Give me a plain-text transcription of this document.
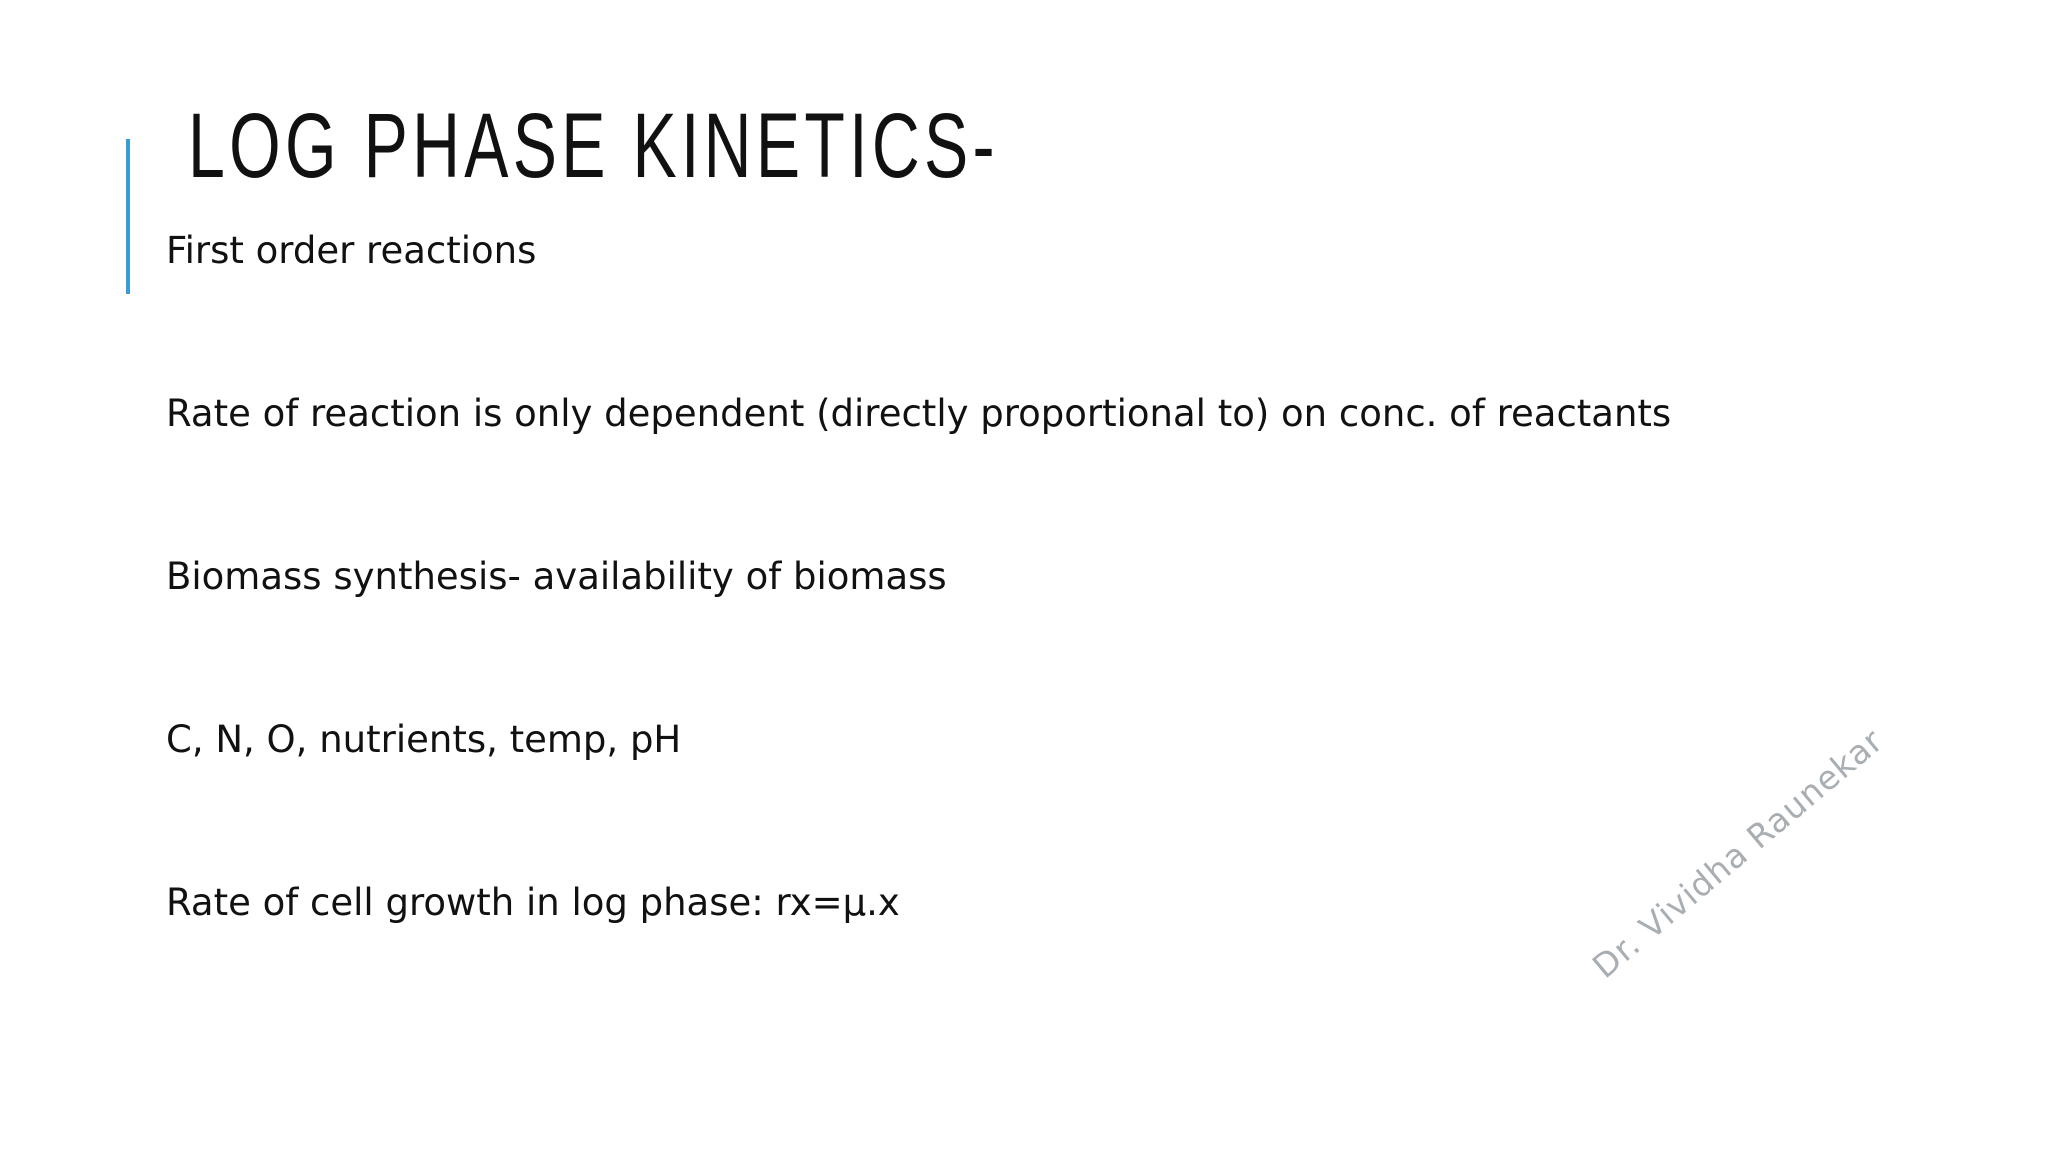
LOG PHASE KINETICS-

First order reactions

Rate of reaction is only dependent (directly proportional to) on conc. of reactants

Biomass synthesis- availability of biomass

C, N, O, nutrients, temp, pH

Rate of cell growth in log phase: rx=µ.x	Dr. Vividha Raunekar
